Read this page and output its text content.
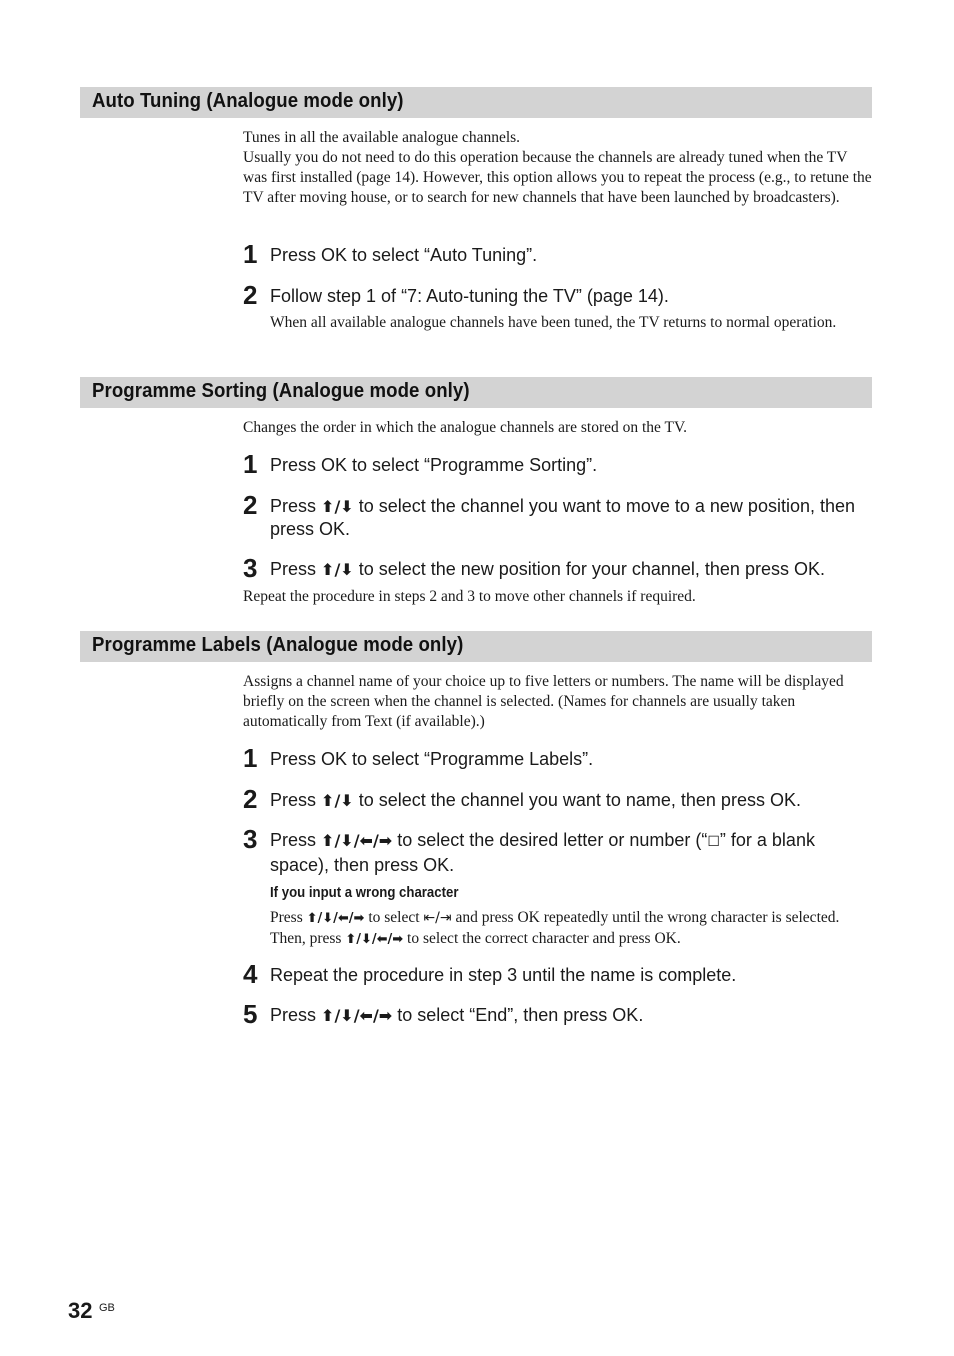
Auto Tuning (Analogue mode only)
Tunes in all the available analogue channels.
Usually you do not need to do this operation because the channels are already tuned when the TV was first installed (page 14). However, this option allows you to repeat the process (e.g., to retune the TV after moving house, or to search for new channels that have been launched by broadcasters).
1 Press OK to select “Auto Tuning”.
2 Follow step 1 of “7: Auto-tuning the TV” (page 14).
When all available analogue channels have been tuned, the TV returns to normal operation.
Programme Sorting (Analogue mode only)
Changes the order in which the analogue channels are stored on the TV.
1 Press OK to select “Programme Sorting”.
2 Press ⬆/⬇ to select the channel you want to move to a new position, then press OK.
3 Press ⬆/⬇ to select the new position for your channel, then press OK.
Repeat the procedure in steps 2 and 3 to move other channels if required.
Programme Labels (Analogue mode only)
Assigns a channel name of your choice up to five letters or numbers. The name will be displayed briefly on the screen when the channel is selected. (Names for channels are usually taken automatically from Text (if available).)
1 Press OK to select “Programme Labels”.
2 Press ⬆/⬇ to select the channel you want to name, then press OK.
3 Press ⬆/⬇/⬅/➡ to select the desired letter or number (“☐” for a blank space), then press OK.
If you input a wrong character
Press ⬆/⬇/⬅/➡ to select ⇤/⇥ and press OK repeatedly until the wrong character is selected. Then, press ⬆/⬇/⬅/➡ to select the correct character and press OK.
4 Repeat the procedure in step 3 until the name is complete.
5 Press ⬆/⬇/⬅/➡ to select “End”, then press OK.
32 GB
